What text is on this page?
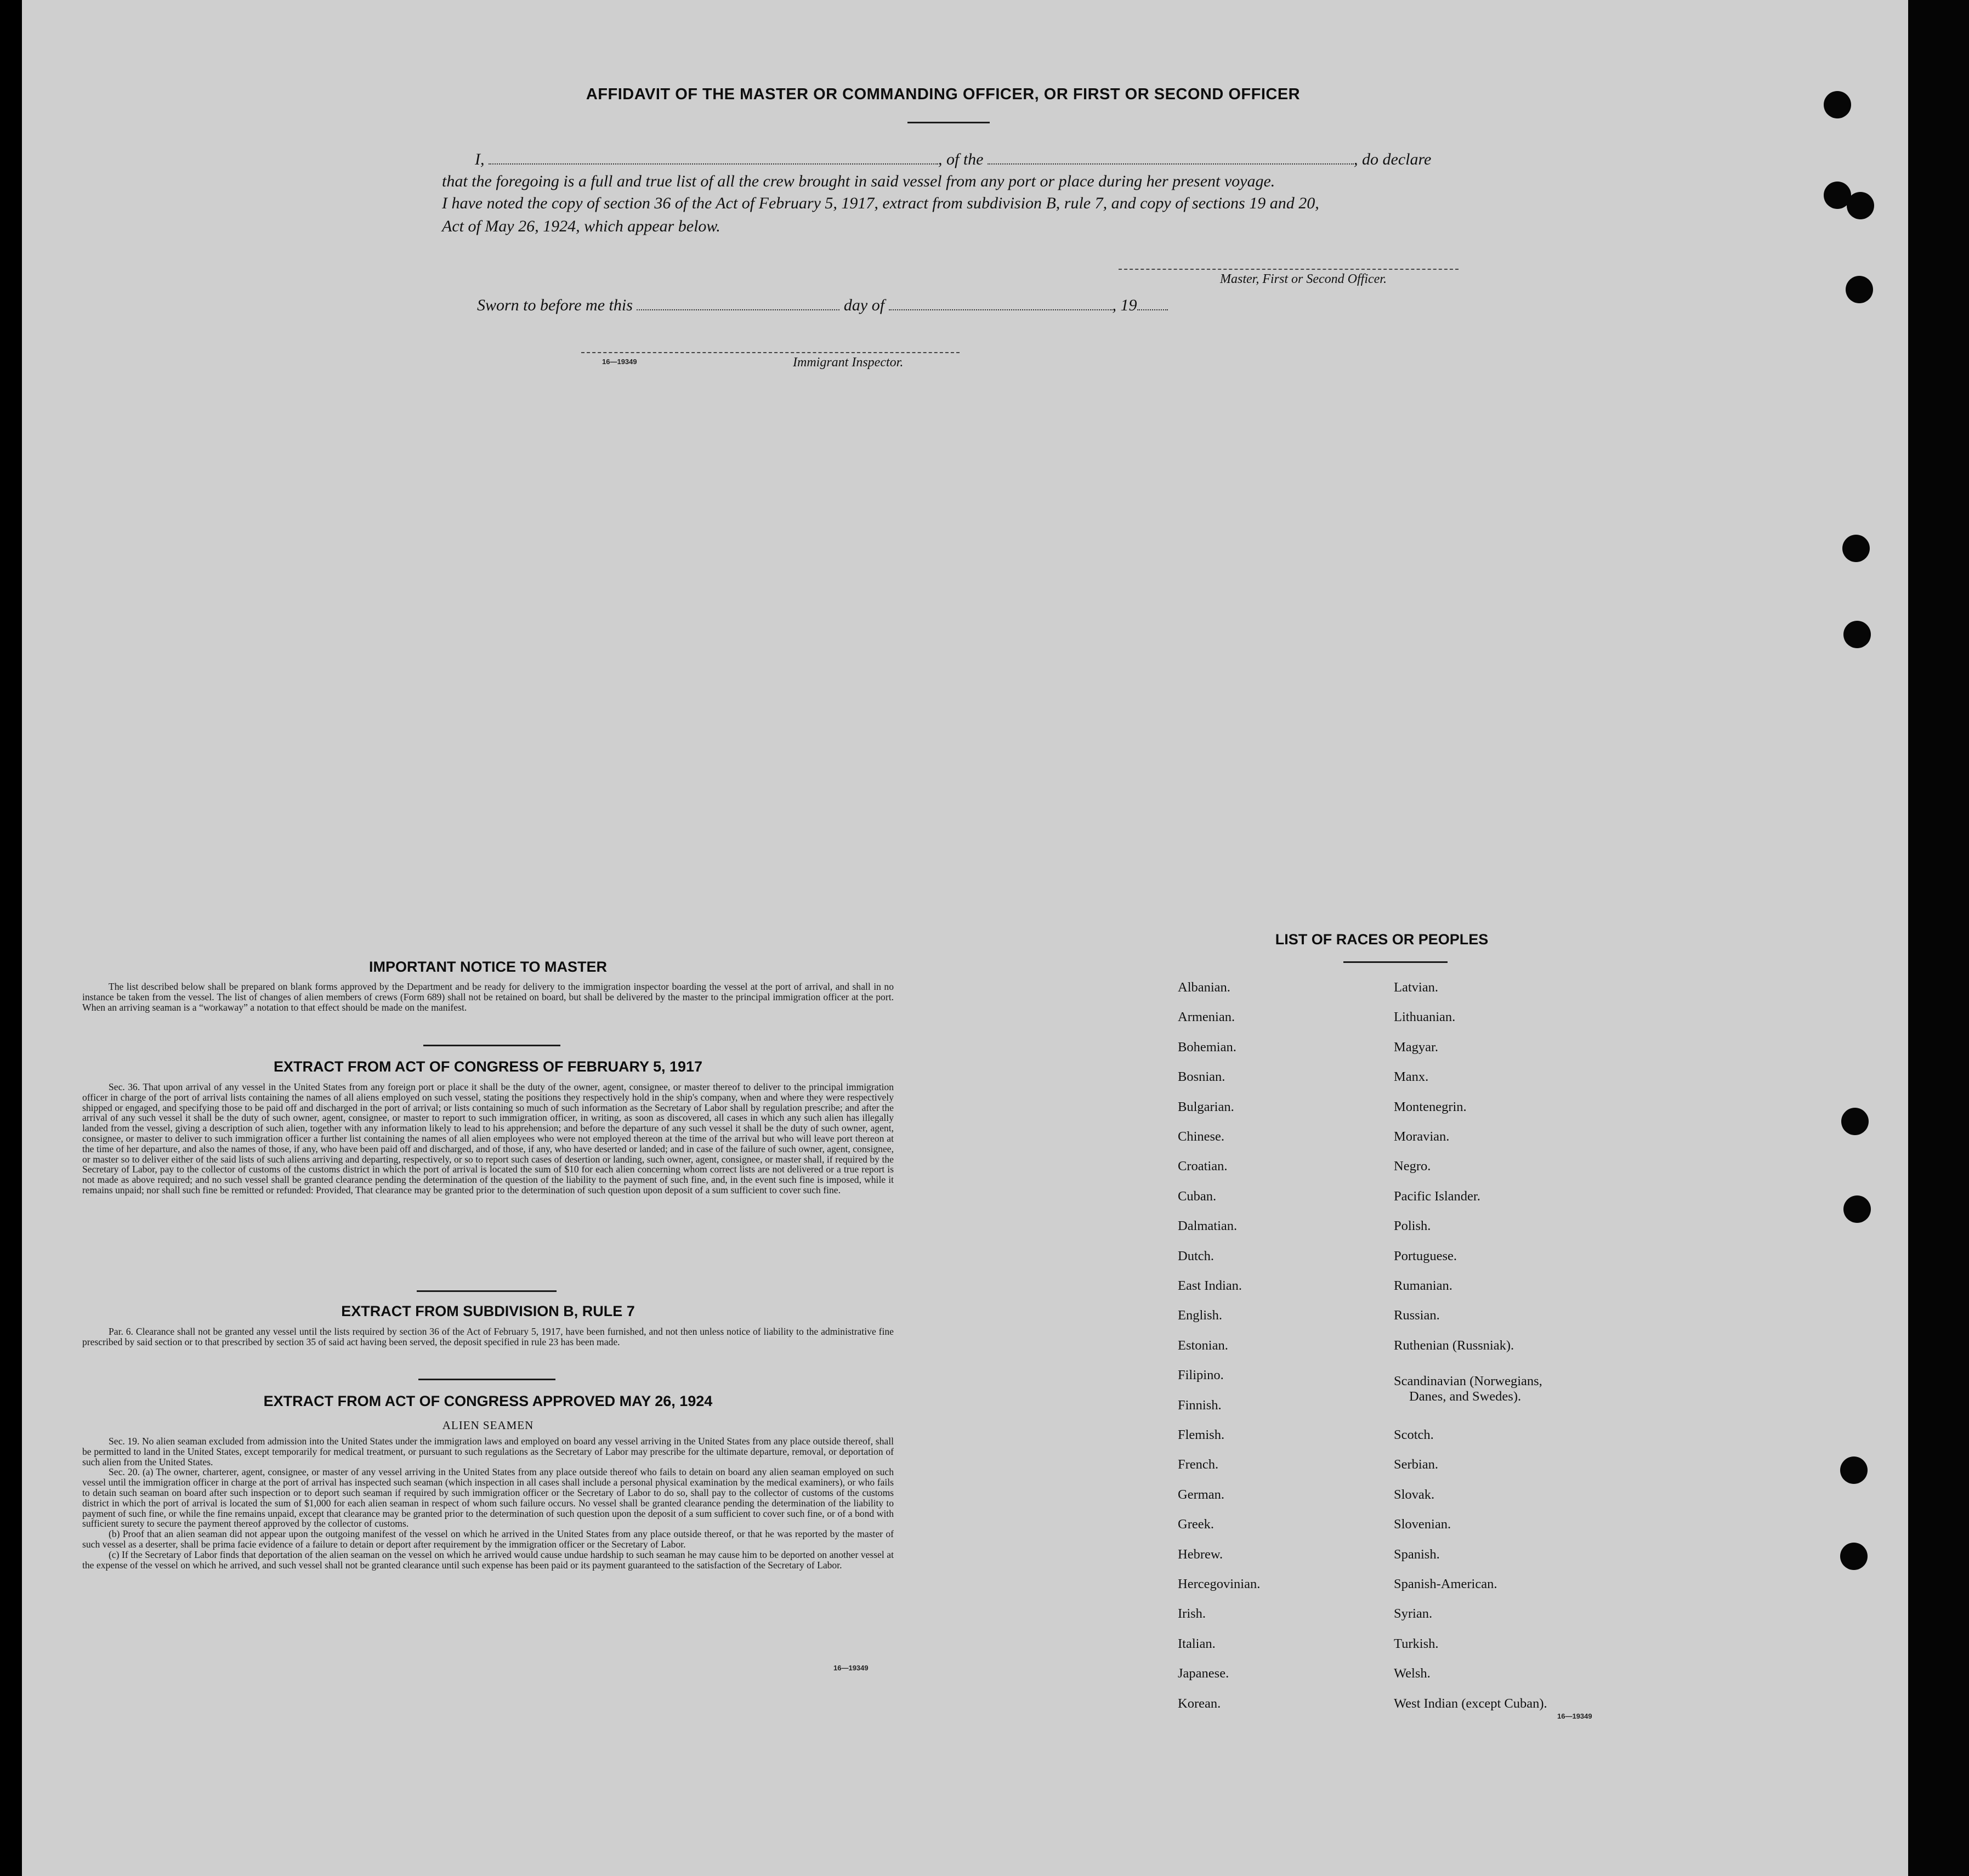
AFFIDAVIT OF THE MASTER OR COMMANDING OFFICER, OR FIRST OR SECOND OFFICER
I,	, of the	, do declare
that the foregoing is a full and true list of all the crew brought in said vessel from any port or place during her present voyage.
I have noted the copy of section 36 of the Act of February 5, 1917, extract from subdivision B, rule 7, and copy of sections 19 and 20,
Act of May 26, 1924, which appear below.
Master, First or Second Officer.
Sworn to before me this	day of	, 19
16—19349	Immigrant Inspector.
IMPORTANT NOTICE TO MASTER

The list described below shall be prepared on blank forms approved by the Department and be ready for delivery to the immigration inspector boarding the vessel at the port of arrival, and shall in no instance be taken from the vessel. The list of changes of alien members of crews (Form 689) shall not be retained on board, but shall be delivered by the master to the principal immigration officer at the port. When an arriving seaman is a “workaway” a notation to that effect should be made on the manifest.

EXTRACT FROM ACT OF CONGRESS OF FEBRUARY 5, 1917

Sec. 36. That upon arrival of any vessel in the United States from any foreign port or place it shall be the duty of the owner, agent, consignee, or master thereof to deliver to the principal immigration officer in charge of the port of arrival lists containing the names of all aliens employed on such vessel, stating the positions they respectively hold in the ship's company, when and where they were respectively shipped or engaged, and specifying those to be paid off and discharged in the port of arrival; or lists containing so much of such information as the Secretary of Labor shall by regulation prescribe; and after the arrival of any such vessel it shall be the duty of such owner, agent, consignee, or master to report to such immigration officer, in writing, as soon as discovered, all cases in which any such alien has illegally landed from the vessel, giving a description of such alien, together with any information likely to lead to his apprehension; and before the departure of any such vessel it shall be the duty of such owner, agent, consignee, or master to deliver to such immigration officer a further list containing the names of all alien employees who were not employed thereon at the time of the arrival but who will leave port thereon at the time of her departure, and also the names of those, if any, who have been paid off and discharged, and of those, if any, who have deserted or landed; and in case of the failure of such owner, agent, consignee, or master so to deliver either of the said lists of such aliens arriving and departing, respectively, or so to report such cases of desertion or landing, such owner, agent, consignee, or master shall, if required by the Secretary of Labor, pay to the collector of customs of the customs district in which the port of arrival is located the sum of $10 for each alien concerning whom correct lists are not delivered or a true report is not made as above required; and no such vessel shall be granted clearance pending the determination of the question of the liability to the payment of such fine, and, in the event such fine is imposed, while it remains unpaid; nor shall such fine be remitted or refunded: Provided, That clearance may be granted prior to the determination of such question upon deposit of a sum sufficient to cover such fine.

EXTRACT FROM SUBDIVISION B, RULE 7

Par. 6. Clearance shall not be granted any vessel until the lists required by section 36 of the Act of February 5, 1917, have been furnished, and not then unless notice of liability to the administrative fine prescribed by said section or to that prescribed by section 35 of said act having been served, the deposit specified in rule 23 has been made.

EXTRACT FROM ACT OF CONGRESS APPROVED MAY 26, 1924
ALIEN SEAMEN

Sec. 19. No alien seaman excluded from admission into the United States under the immigration laws and employed on board any vessel arriving in the United States from any place outside thereof, shall be permitted to land in the United States, except temporarily for medical treatment, or pursuant to such regulations as the Secretary of Labor may prescribe for the ultimate departure, removal, or deportation of such alien from the United States.

Sec. 20. (a) The owner, charterer, agent, consignee, or master of any vessel arriving in the United States from any place outside thereof who fails to detain on board any alien seaman employed on such vessel until the immigration officer in charge at the port of arrival has inspected such seaman (which inspection in all cases shall include a personal physical examination by the medical examiners), or who fails to detain such seaman on board after such inspection or to deport such seaman if required by such immigration officer or the Secretary of Labor to do so, shall pay to the collector of customs of the customs district in which the port of arrival is located the sum of $1,000 for each alien seaman in respect of whom such failure occurs. No vessel shall be granted clearance pending the determination of the liability to payment of such fine, or while the fine remains unpaid, except that clearance may be granted prior to the determination of such question upon the deposit of a sum sufficient to cover such fine, or of a bond with sufficient surety to secure the payment thereof approved by the collector of customs.

(b) Proof that an alien seaman did not appear upon the outgoing manifest of the vessel on which he arrived in the United States from any place outside thereof, or that he was reported by the master of such vessel as a deserter, shall be prima facie evidence of a failure to detain or deport after requirement by the immigration officer or the Secretary of Labor.

(c) If the Secretary of Labor finds that deportation of the alien seaman on the vessel on which he arrived would cause undue hardship to such seaman he may cause him to be deported on another vessel at the expense of the vessel on which he arrived, and such vessel shall not be granted clearance until such expense has been paid or its payment guaranteed to the satisfaction of the Secretary of Labor.

16—19349
LIST OF RACES OR PEOPLES
Albanian.
Armenian.
Bohemian.
Bosnian.
Bulgarian.
Chinese.
Croatian.
Cuban.
Dalmatian.
Dutch.
East Indian.
English.
Estonian.
Filipino.
Finnish.
Flemish.
French.
German.
Greek.
Hebrew.
Hercegovinian.
Irish.
Italian.
Japanese.
Korean.
Latvian.
Lithuanian.
Magyar.
Manx.
Montenegrin.
Moravian.
Negro.
Pacific Islander.
Polish.
Portuguese.
Rumanian.
Russian.
Ruthenian (Russniak).
Scandinavian (Norwegians,
Danes, and Swedes).
Scotch.
Serbian.
Slovak.
Slovenian.
Spanish.
Spanish-American.
Syrian.
Turkish.
Welsh.
West Indian (except Cuban).
16—19349
